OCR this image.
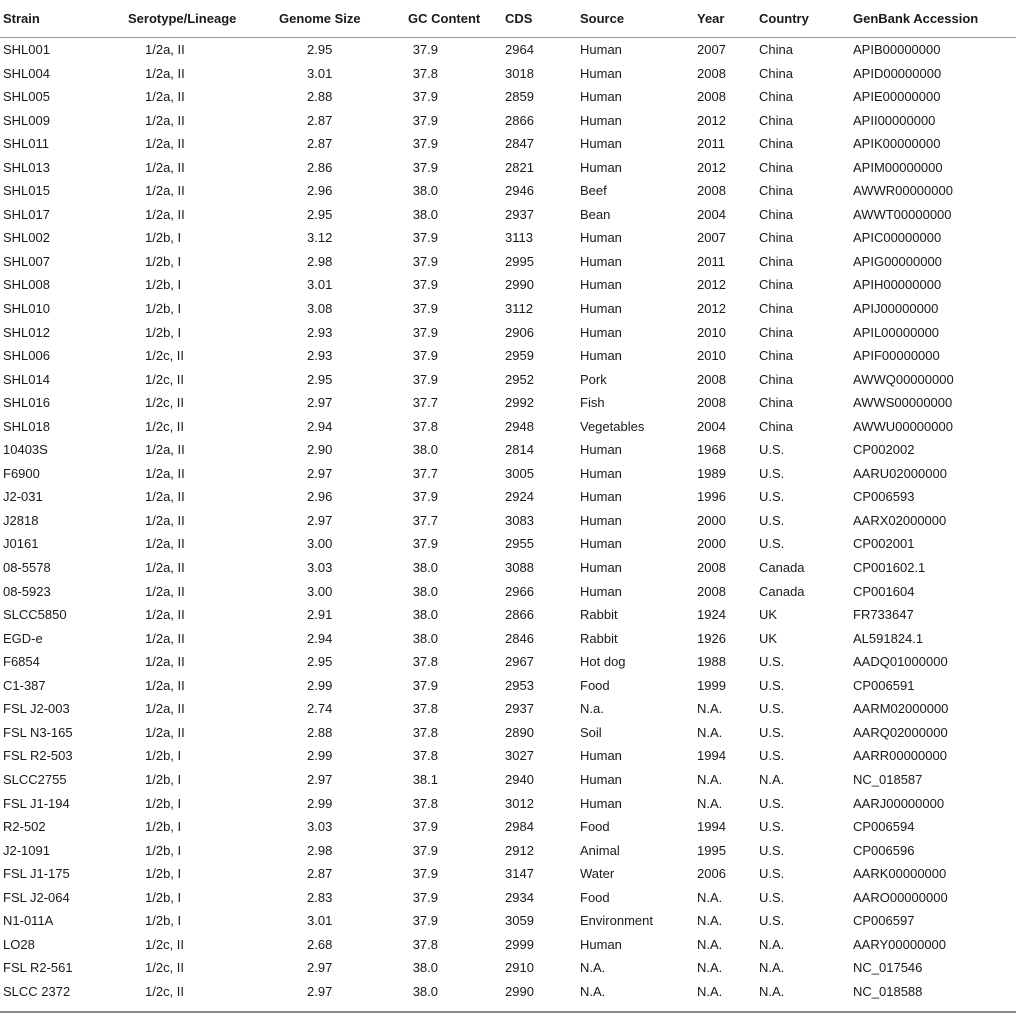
Strain	Serotype/Lineage	Genome Size	GC Content	CDS	Source	Year	Country	GenBank Accession
SHL001	1/2a, II	2.95	37.9	2964	Human	2007	China	APIB00000000
SHL004	1/2a, II	3.01	37.8	3018	Human	2008	China	APID00000000
SHL005	1/2a, II	2.88	37.9	2859	Human	2008	China	APIE00000000
SHL009	1/2a, II	2.87	37.9	2866	Human	2012	China	APII00000000
SHL011	1/2a, II	2.87	37.9	2847	Human	2011	China	APIK00000000
SHL013	1/2a, II	2.86	37.9	2821	Human	2012	China	APIM00000000
SHL015	1/2a, II	2.96	38.0	2946	Beef	2008	China	AWWR00000000
SHL017	1/2a, II	2.95	38.0	2937	Bean	2004	China	AWWT00000000
SHL002	1/2b, I	3.12	37.9	3113	Human	2007	China	APIC00000000
SHL007	1/2b, I	2.98	37.9	2995	Human	2011	China	APIG00000000
SHL008	1/2b, I	3.01	37.9	2990	Human	2012	China	APIH00000000
SHL010	1/2b, I	3.08	37.9	3112	Human	2012	China	APIJ00000000
SHL012	1/2b, I	2.93	37.9	2906	Human	2010	China	APIL00000000
SHL006	1/2c, II	2.93	37.9	2959	Human	2010	China	APIF00000000
SHL014	1/2c, II	2.95	37.9	2952	Pork	2008	China	AWWQ00000000
SHL016	1/2c, II	2.97	37.7	2992	Fish	2008	China	AWWS00000000
SHL018	1/2c, II	2.94	37.8	2948	Vegetables	2004	China	AWWU00000000
10403S	1/2a, II	2.90	38.0	2814	Human	1968	U.S.	CP002002
F6900	1/2a, II	2.97	37.7	3005	Human	1989	U.S.	AARU02000000
J2-031	1/2a, II	2.96	37.9	2924	Human	1996	U.S.	CP006593
J2818	1/2a, II	2.97	37.7	3083	Human	2000	U.S.	AARX02000000
J0161	1/2a, II	3.00	37.9	2955	Human	2000	U.S.	CP002001
08-5578	1/2a, II	3.03	38.0	3088	Human	2008	Canada	CP001602.1
08-5923	1/2a, II	3.00	38.0	2966	Human	2008	Canada	CP001604
SLCC5850	1/2a, II	2.91	38.0	2866	Rabbit	1924	UK	FR733647
EGD-e	1/2a, II	2.94	38.0	2846	Rabbit	1926	UK	AL591824.1
F6854	1/2a, II	2.95	37.8	2967	Hot dog	1988	U.S.	AADQ01000000
C1-387	1/2a, II	2.99	37.9	2953	Food	1999	U.S.	CP006591
FSL J2-003	1/2a, II	2.74	37.8	2937	N.a.	N.A.	U.S.	AARM02000000
FSL N3-165	1/2a, II	2.88	37.8	2890	Soil	N.A.	U.S.	AARQ02000000
FSL R2-503	1/2b, I	2.99	37.8	3027	Human	1994	U.S.	AARR00000000
SLCC2755	1/2b, I	2.97	38.1	2940	Human	N.A.	N.A.	NC_018587
FSL J1-194	1/2b, I	2.99	37.8	3012	Human	N.A.	U.S.	AARJ00000000
R2-502	1/2b, I	3.03	37.9	2984	Food	1994	U.S.	CP006594
J2-1091	1/2b, I	2.98	37.9	2912	Animal	1995	U.S.	CP006596
FSL J1-175	1/2b, I	2.87	37.9	3147	Water	2006	U.S.	AARK00000000
FSL J2-064	1/2b, I	2.83	37.9	2934	Food	N.A.	U.S.	AARO00000000
N1-011A	1/2b, I	3.01	37.9	3059	Environment	N.A.	U.S.	CP006597
LO28	1/2c, II	2.68	37.8	2999	Human	N.A.	N.A.	AARY00000000
FSL R2-561	1/2c, II	2.97	38.0	2910	N.A.	N.A.	N.A.	NC_017546
SLCC 2372	1/2c, II	2.97	38.0	2990	N.A.	N.A.	N.A.	NC_018588
